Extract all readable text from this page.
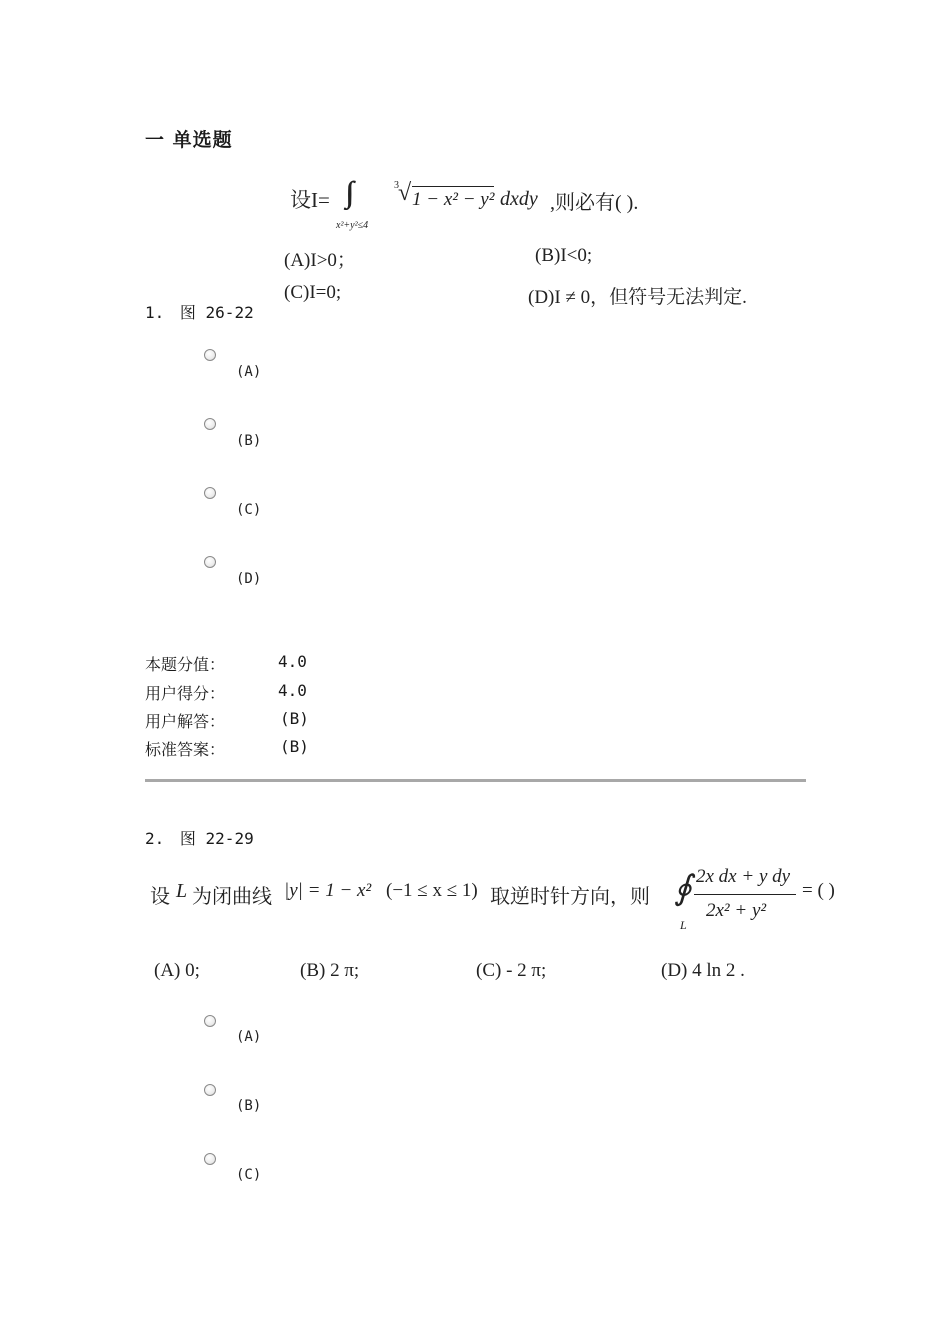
一 单选题
设I=
x²+y²≤4
3 √ 1 − x² − y² dxdy ,则必有( ).
(A)I>0；	(B)I<0;
(C)I=0;	(D)I ≠ 0，但符号无法判定.
1. 图 26-22
(A)
(B)
(C)
(D)
本题分值：	4.0
用户得分：	4.0
用户解答：	(B)
标准答案：	(B)
2. 图 22-29
设 L 为闭曲线 |y| = 1 − x² (−1 ≤ x ≤ 1) 取逆时针方向，则 ∮
L
2x dx + y dy
2x² + y²
= ( )
(A) 0;	(B) 2 π;	(C) - 2 π;	(D) 4 ln 2 .
(A)
(B)
(C)
